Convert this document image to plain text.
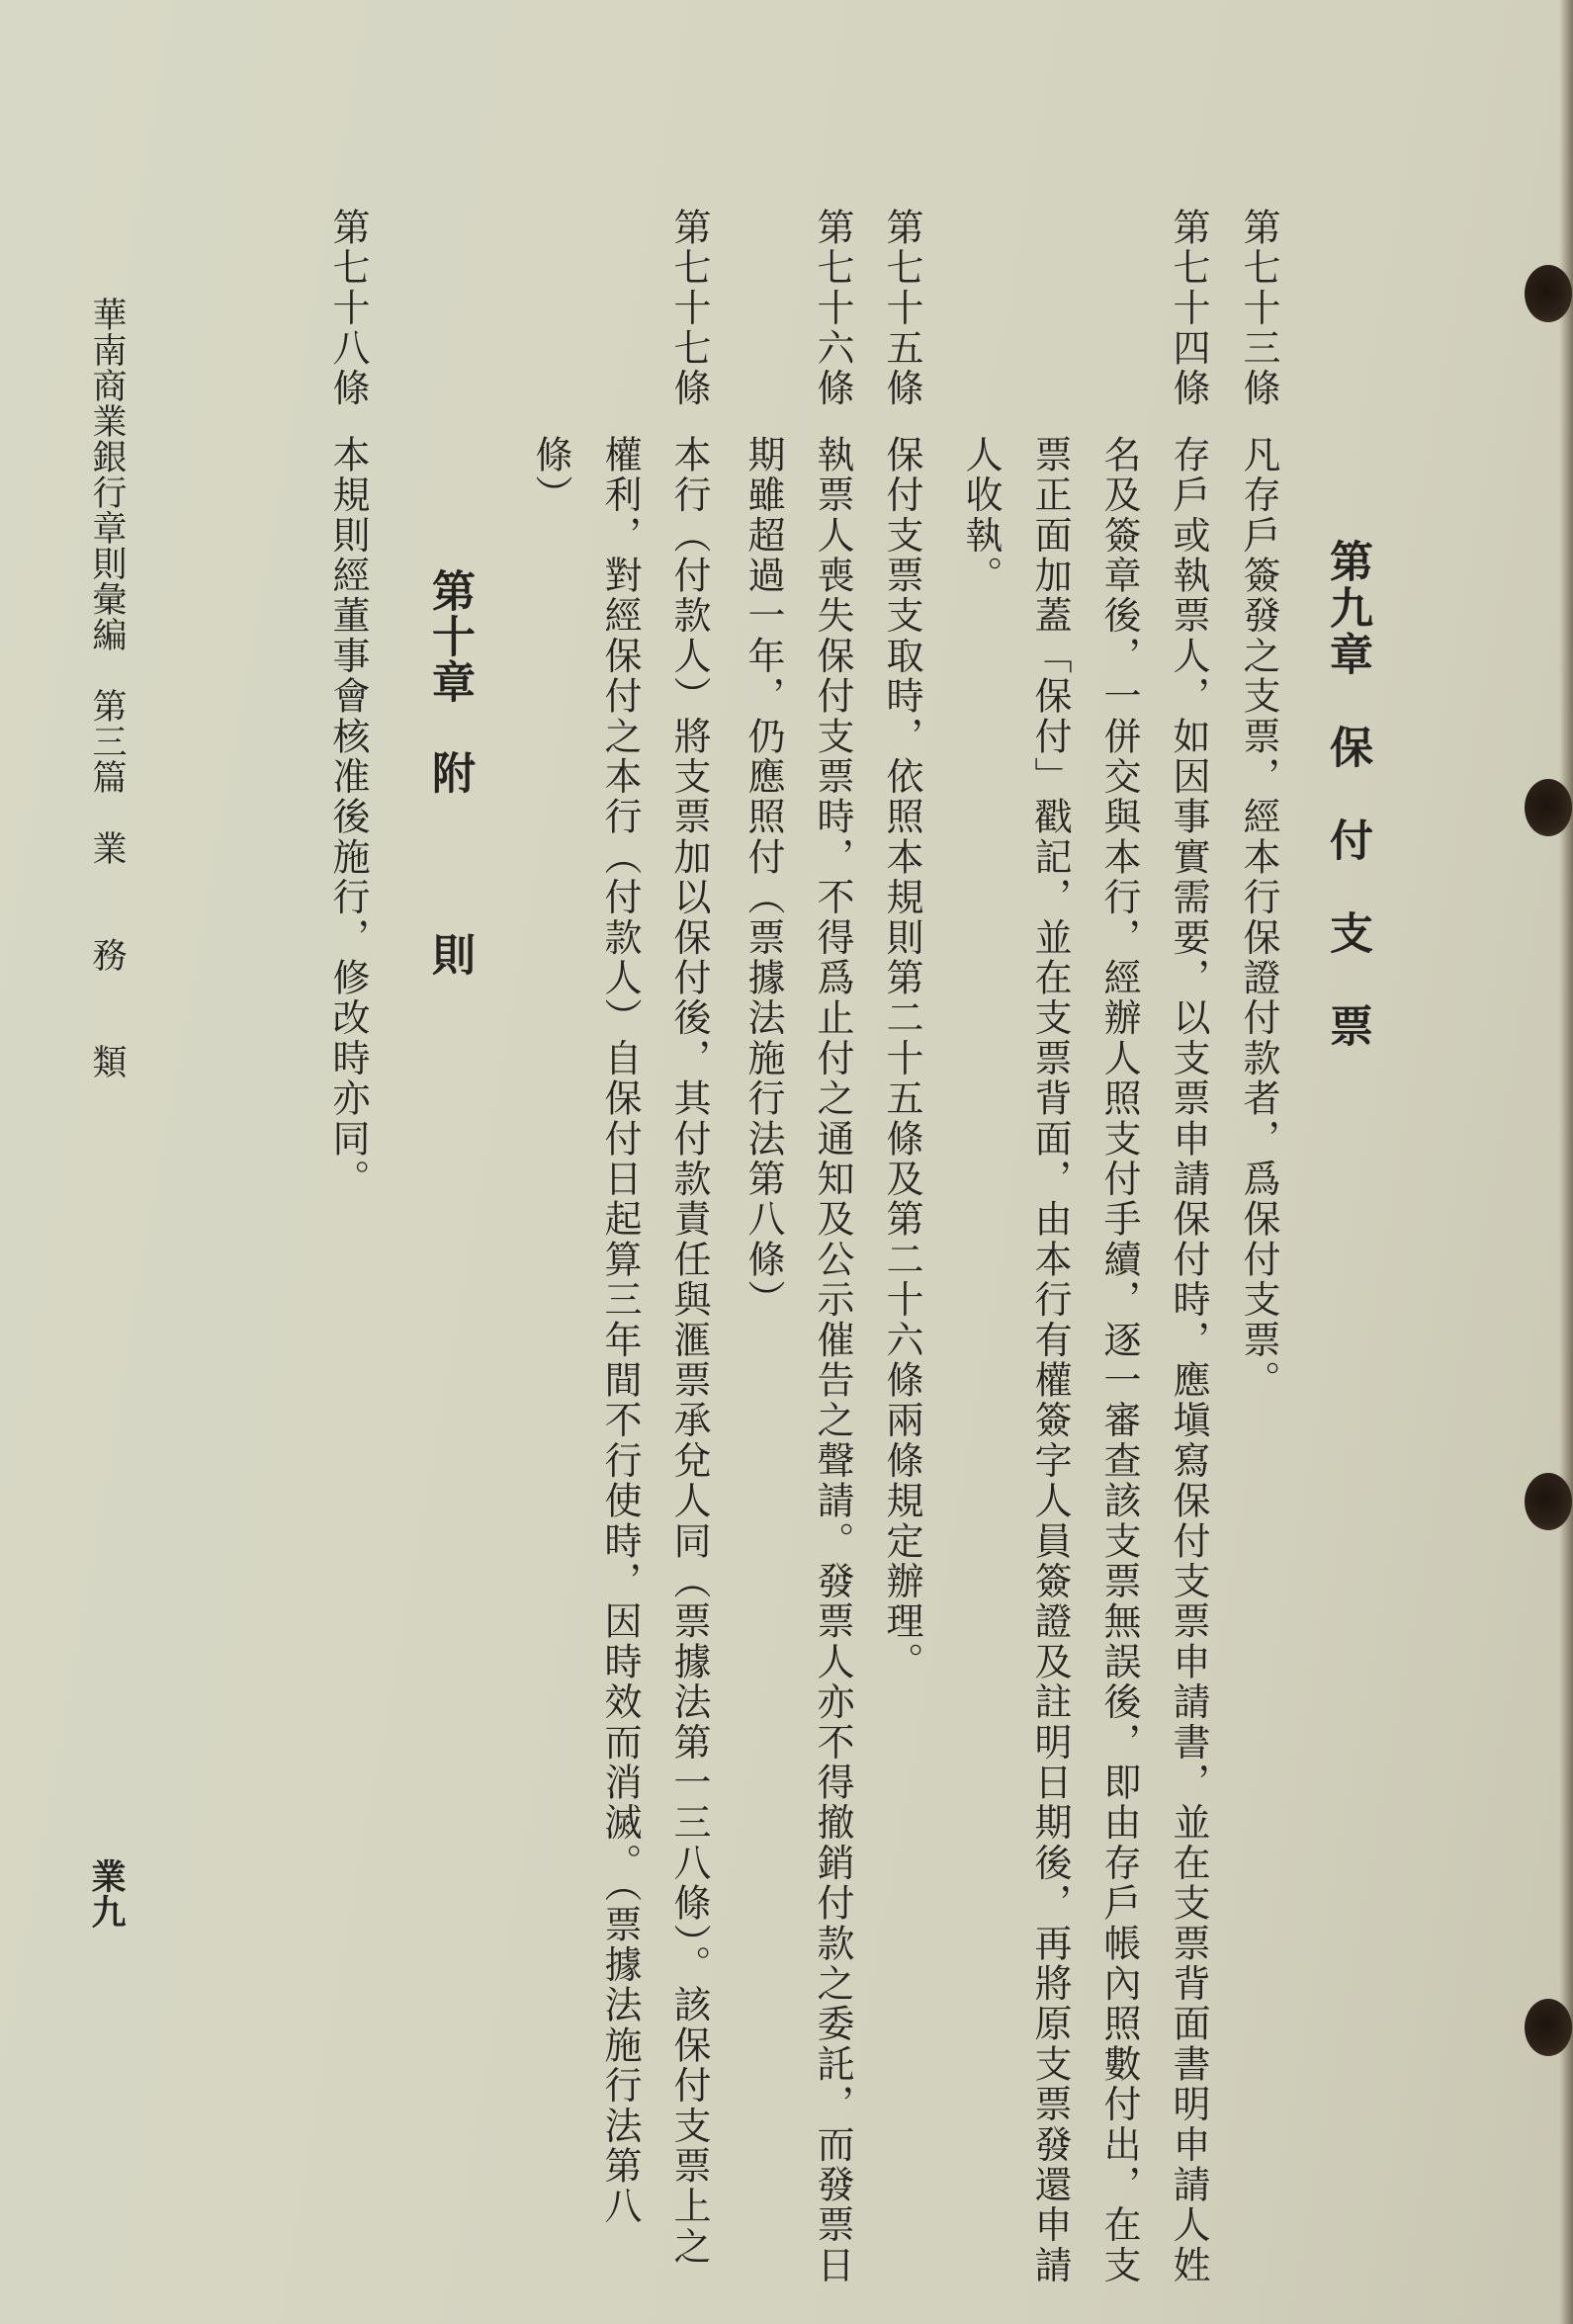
第九章　保　付　支　票
第七十三條
凡存戶簽發之支票，經本行保證付款者，爲保付支票。
第七十四條
存戶或執票人，如因事實需要，以支票申請保付時，應塡寫保付支票申請書，並在支票背面書明申請人姓
名及簽章後，一併交與本行，經辦人照支付手續，逐一審查該支票無誤後，即由存戶帳內照數付出，在支
票正面加蓋「保付」戳記，並在支票背面，由本行有權簽字人員簽證及註明日期後，再將原支票發還申請
人收執。
第七十五條
保付支票支取時，依照本規則第二十五條及第二十六條兩條規定辦理。
第七十六條
執票人喪失保付支票時，不得爲止付之通知及公示催告之聲請。發票人亦不得撤銷付款之委託，而發票日
期雖超過一年，仍應照付（票據法施行法第八條）
第七十七條
本行（付款人）將支票加以保付後，其付款責任與滙票承兌人同（票據法第一三八條）。該保付支票上之
權利，對經保付之本行（付款人）自保付日起算三年間不行使時，因時效而消滅。（票據法施行法第八
條）
第十章　附　　　則
第七十八條
本規則經董事會核准後施行，修改時亦同。
華南商業銀行章則彙編　第三篇　業　　務　　類
業九
